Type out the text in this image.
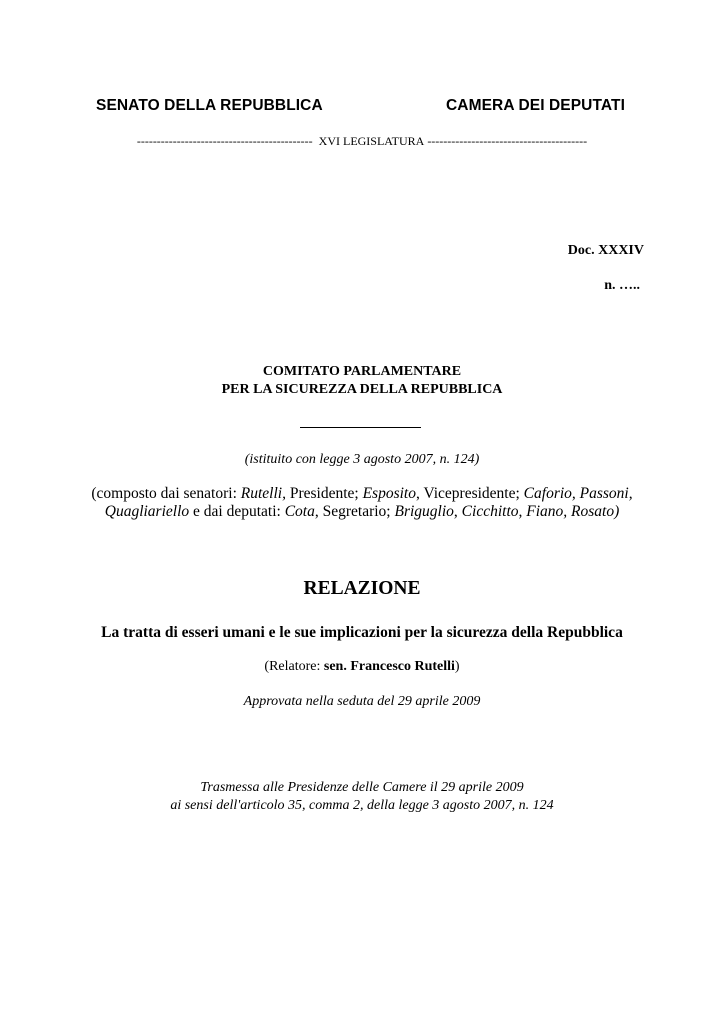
SENATO DELLA REPUBBLICA	CAMERA DEI DEPUTATI
-------------------------------------------- XVI LEGISLATURA ----------------------------------------
Doc. XXXIV
n. …..
COMITATO PARLAMENTARE
PER LA SICUREZZA DELLA REPUBBLICA
(istituito con legge 3 agosto 2007, n. 124)
(composto dai senatori: Rutelli, Presidente; Esposito, Vicepresidente; Caforio, Passoni,
Quagliariello e dai deputati: Cota, Segretario; Briguglio, Cicchitto, Fiano, Rosato)
RELAZIONE
La tratta di esseri umani e le sue implicazioni per la sicurezza della Repubblica
(Relatore: sen. Francesco Rutelli)
Approvata nella seduta del 29 aprile 2009
Trasmessa alle Presidenze delle Camere il 29 aprile 2009
ai sensi dell'articolo 35, comma 2, della legge 3 agosto 2007, n. 124
